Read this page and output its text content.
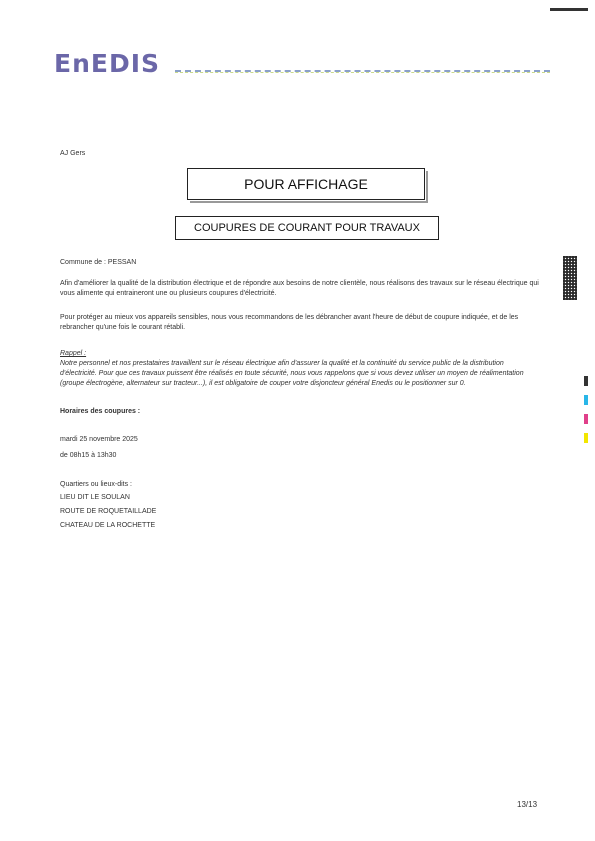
EnEDIS
AJ Gers
POUR AFFICHAGE
COUPURES DE COURANT POUR TRAVAUX
Commune de : PESSAN
Afin d'améliorer la qualité de la distribution électrique et de répondre aux besoins de notre clientèle, nous réalisons des travaux sur le réseau électrique qui vous alimente qui entraineront une ou plusieurs coupures d'électricité.
Pour protéger au mieux vos appareils sensibles, nous vous recommandons de les débrancher avant l'heure de début de coupure indiquée, et de les rebrancher qu'une fois le courant rétabli.
Rappel :
Notre personnel et nos prestataires travaillent sur le réseau électrique afin d'assurer la qualité et la continuité du service public de la distribution d'électricité. Pour que ces travaux puissent être réalisés en toute sécurité, nous vous rappelons que si vous devez utiliser un moyen de réalimentation (groupe électrogène, alternateur sur tracteur...), il est obligatoire de couper votre disjoncteur général Enedis ou le positionner sur 0.
Horaires des coupures :
mardi 25 novembre 2025
de 08h15 à 13h30
Quartiers ou lieux-dits :
LIEU DIT LE SOULAN
ROUTE DE ROQUETAILLADE
CHATEAU DE LA ROCHETTE
13/13
